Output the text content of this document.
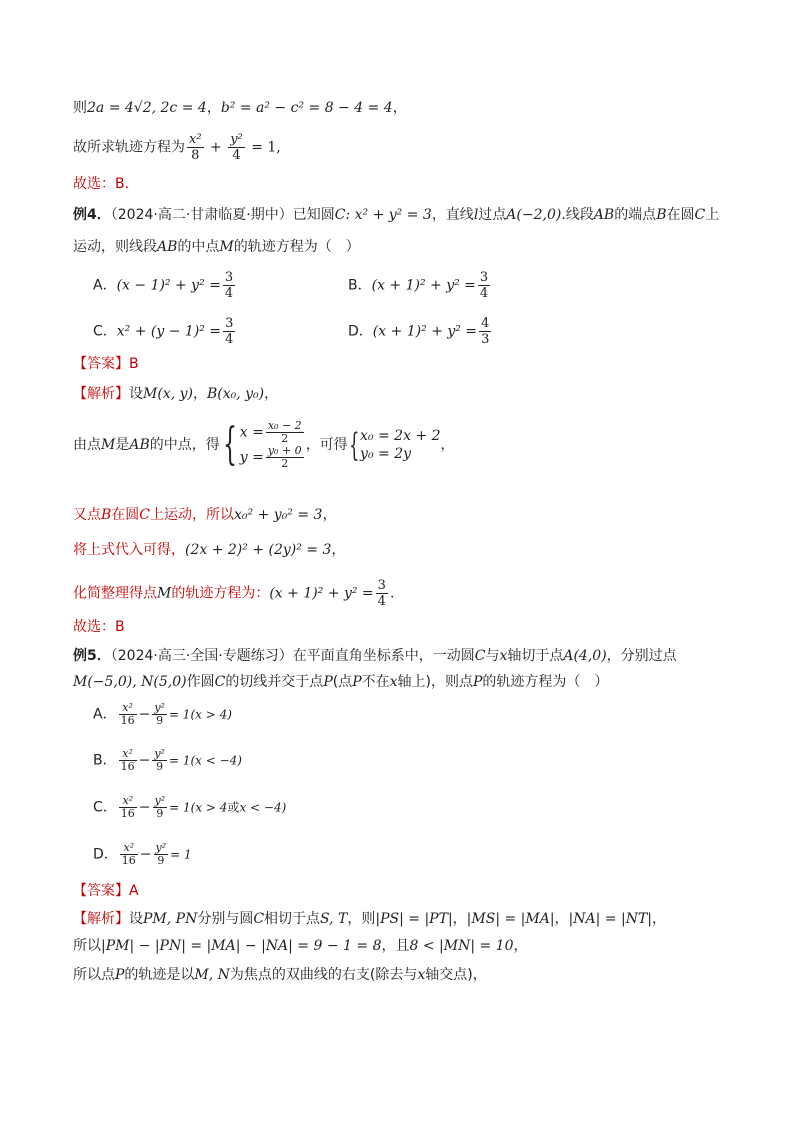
则2a = 4√2, 2c = 4，b² = a² − c² = 8 − 4 = 4，
故所求轨迹方程为 $\frac{\text{x²}}{8} + \frac{\text{y²}}{4} = 1$,
故选：B.
例4．（2024·高二·甘肃临夏·期中）已知圆C: x² + y² = 3，直线l过点A(−2,0).线段AB的端点B在圆C上
运动，则线段AB的中点M的轨迹方程为（　）
A．$(x - 1)^2 + y^2 = \frac{3}{4}$	B．$(x + 1)^2 + y^2 = \frac{3}{4}$
C．$x^2 + (y - 1)^2 = \frac{3}{4}$	D．$(x + 1)^2 + y^2 = \frac{4}{3}$
【答案】B
【解析】设M(x, y)，B(x₀, y₀)，
由点M是AB的中点，得{ $x = \frac{\text{x₀ − 2}}{2}$
$y = \frac{\text{y₀ + 0}}{2}$ ，可得{ x₀ = 2x + 2
y₀ = 2y
，
又点B在圆C上运动，所以x₀² + y₀² = 3，
将上式代入可得，(2x + 2)² + (2y)² = 3，
化简整理得点M的轨迹方程为：$(x + 1)^2 + y^2 = \frac{3}{4}$ .
故选：B
例5．（2024·高三·全国·专题练习）在平面直角坐标系中，一动圆C与x轴切于点A(4,0)，分别过点
M(−5,0), N(5,0)作圆C的切线并交于点P(点P不在x轴上)，则点P的轨迹方程为（　）
A． $\frac{\text{x²}}{16} - \frac{\text{y²}}{9} = 1(x > 4)$
B． $\frac{\text{x²}}{16} - \frac{\text{y²}}{9} = 1(x < -4)$
C． $\frac{\text{x²}}{16} - \frac{\text{y²}}{9} = 1(x > 4$或x < −4)
D． $\frac{\text{x²}}{16} - \frac{\text{y²}}{9} = 1$
【答案】A
【解析】设PM, PN分别与圆C相切于点S, T，则|PS| = |PT|，|MS| = |MA|，|NA| = |NT|，
所以|PM| − |PN| = |MA| − |NA| = 9 − 1 = 8，且8 < |MN| = 10，
所以点P的轨迹是以M, N为焦点的双曲线的右支(除去与x轴交点)，
